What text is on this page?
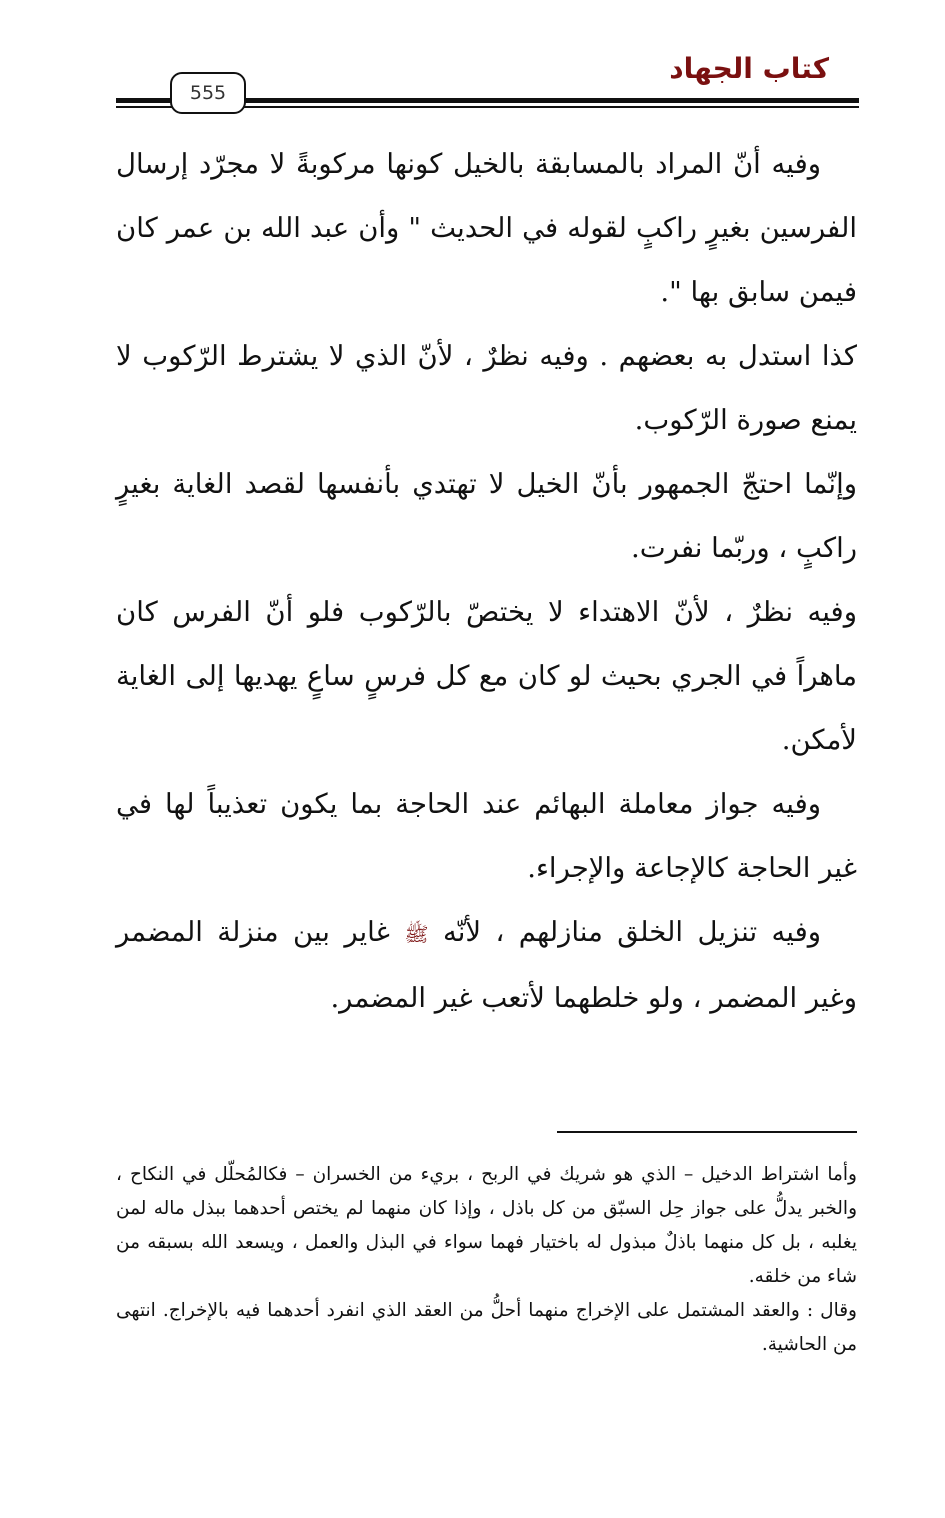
كتاب الجهاد
555

وفيه أنّ المراد بالمسابقة بالخيل كونها مركوبةً لا مجرّد إرسال الفرسين بغيرٍ راكبٍ لقوله في الحديث " وأن عبد الله بن عمر كان فيمن سابق بها ".

كذا استدل به بعضهم . وفيه نظرٌ ، لأنّ الذي لا يشترط الرّكوب لا يمنع صورة الرّكوب.

وإنّما احتجّ الجمهور بأنّ الخيل لا تهتدي بأنفسها لقصد الغاية بغيرٍ راكبٍ ، وربّما نفرت.

وفيه نظرٌ ، لأنّ الاهتداء لا يختصّ بالرّكوب فلو أنّ الفرس كان ماهراً في الجري بحيث لو كان مع كل فرسٍ ساعٍ يهديها إلى الغاية لأمكن.

وفيه جواز معاملة البهائم عند الحاجة بما يكون تعذيباً لها في غير الحاجة كالإجاعة والإجراء.

وفيه تنزيل الخلق منازلهم ، لأنّه ﷺ غاير بين منزلة المضمر وغير المضمر ، ولو خلطهما لأتعب غير المضمر.

وأما اشتراط الدخيل – الذي هو شريك في الربح ، بريء من الخسران – فكالمُحلّل في النكاح ، والخبر يدلُّ على جواز حِل السبّق من كل باذل ، وإذا كان منهما لم يختص أحدهما ببذل ماله لمن يغلبه ، بل كل منهما باذلٌ مبذول له باختيار فهما سواء في البذل والعمل ، ويسعد الله بسبقه من شاء من خلقه.

وقال : والعقد المشتمل على الإخراج منهما أحلُّ من العقد الذي انفرد أحدهما فيه بالإخراج. انتهى من الحاشية.
